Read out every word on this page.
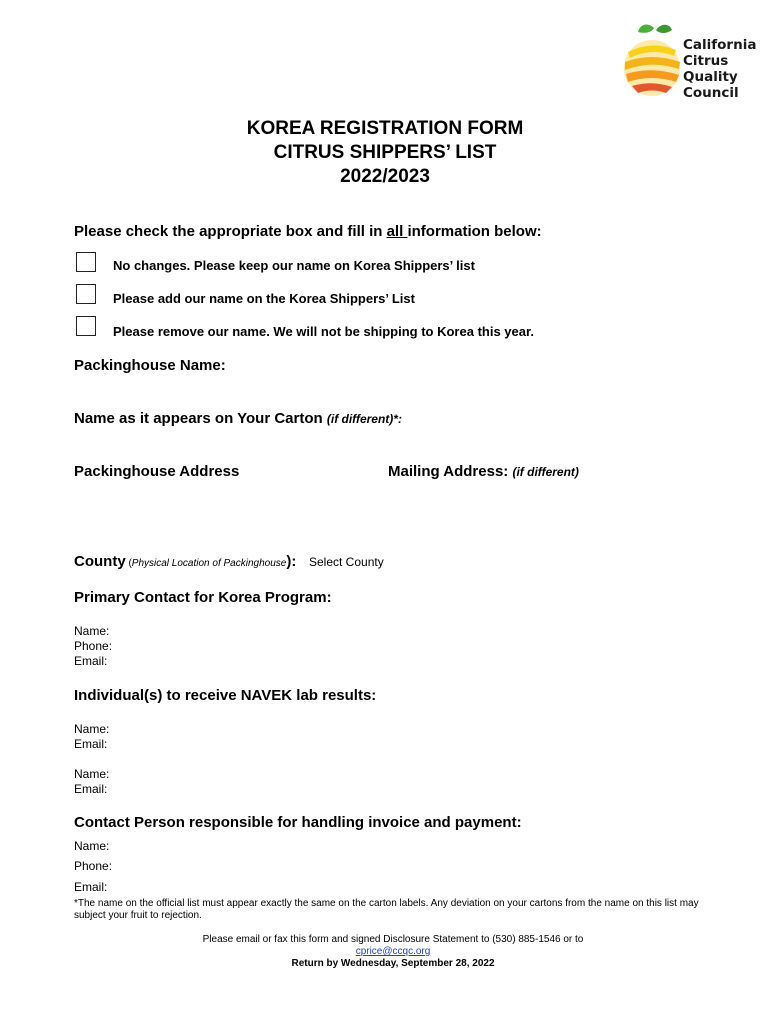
California
Citrus
Quality
Council
KOREA REGISTRATION FORM
CITRUS SHIPPERS’ LIST
2022/2023
Please check the appropriate box and fill in all information below:
No changes. Please keep our name on Korea Shippers’ list
Please add our name on the Korea Shippers’ List
Please remove our name. We will not be shipping to Korea this year.
Packinghouse Name:
Name as it appears on Your Carton (if different)*:
Packinghouse Address	Mailing Address: (if different)
County (Physical Location of Packinghouse): Select County
Primary Contact for Korea Program:
Name:
Phone:
Email:
Individual(s) to receive NAVEK lab results:
Name:
Email:
Name:
Email:
Contact Person responsible for handling invoice and payment:
Name:
Phone:
Email:
*The name on the official list must appear exactly the same on the carton labels. Any deviation on your cartons from the name on this list may
subject your fruit to rejection.
Please email or fax this form and signed Disclosure Statement to (530) 885-1546 or to
cprice@ccqc.org
Return by Wednesday, September 28, 2022
